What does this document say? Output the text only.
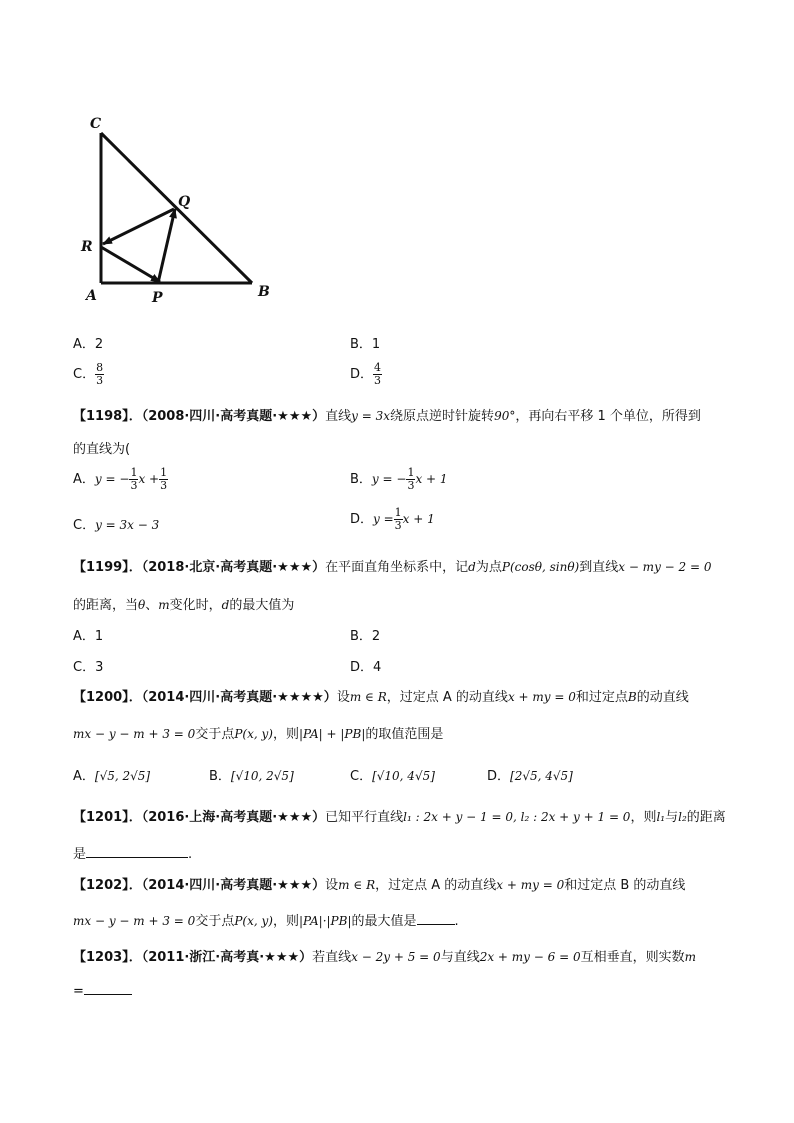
C
Q
R
A	P	B
A．2	B．1
C． $\frac{8}{3}$	D． $\frac{4}{3}$
【1198】．（2008·四川·高考真题·★★★）直线y = 3x绕原点逆时针旋转90°，再向右平移 1 个单位，所得到
的直线为(
A．y = − $\frac{1}{3}$ $x + \frac{1}{3}$	B．y = − $\frac{1}{3}$ x + 1
C．y = 3x − 3	D．$y = \frac{1}{3}$ x + 1
【1199】．（2018·北京·高考真题·★★★）在平面直角坐标系中，记d为点P(cosθ, sinθ)到直线x − my − 2 = 0
的距离，当θ、m变化时，d的最大值为
A．1	B．2
C．3	D．4
【1200】．（2014·四川·高考真题·★★★★）设m ∈ R，过定点 A 的动直线x + my = 0和过定点B的动直线
mx − y − m + 3 = 0交于点P(x, y)，则|PA| + |PB|的取值范围是
A．[√5, 2√5]	B．[√10, 2√5]	C．[√10, 4√5]	D．[2√5, 4√5]
【1201】．（2016·上海·高考真题·★★★）已知平行直线l₁ : 2x + y − 1 = 0, l₂ : 2x + y + 1 = 0，则l₁与l₂的距离
是	.
【1202】．（2014·四川·高考真题·★★★）设m ∈ R，过定点 A 的动直线x + my = 0和过定点 B 的动直线
mx − y − m + 3 = 0交于点P(x, y)，则|PA|·|PB|的最大值是	.
【1203】．（2011·浙江·高考真·★★★）若直线x − 2y + 5 = 0与直线2x + my − 6 = 0互相垂直，则实数m
=
